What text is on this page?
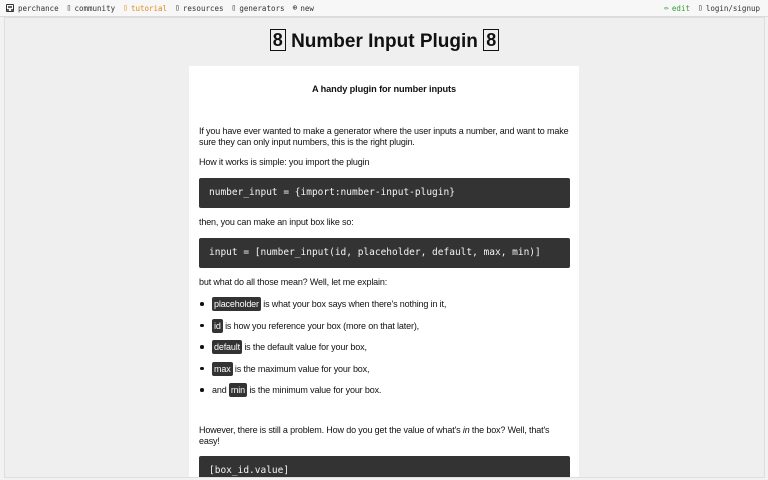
perchance ▯ community ▯ tutorial ▯ resources ▯ generators ⊕ new	✏ edit ▯ login/signup
8 Number Input Plugin 8
A handy plugin for number inputs
If you have ever wanted to make a generator where the user inputs a number, and want to make sure they can only input numbers, this is the right plugin.
How it works is simple: you import the plugin
number_input = {import:number-input-plugin}
then, you can make an input box like so:
input = [number_input(id, placeholder, default, max, min)]
but what do all those mean? Well, let me explain:
placeholder is what your box says when there's nothing in it,
id is how you reference your box (more on that later),
default is the default value for your box,
max is the maximum value for your box,
and min is the minimum value for your box.
However, there is still a problem. How do you get the value of what's in the box? Well, that's easy!
[box_id.value]
